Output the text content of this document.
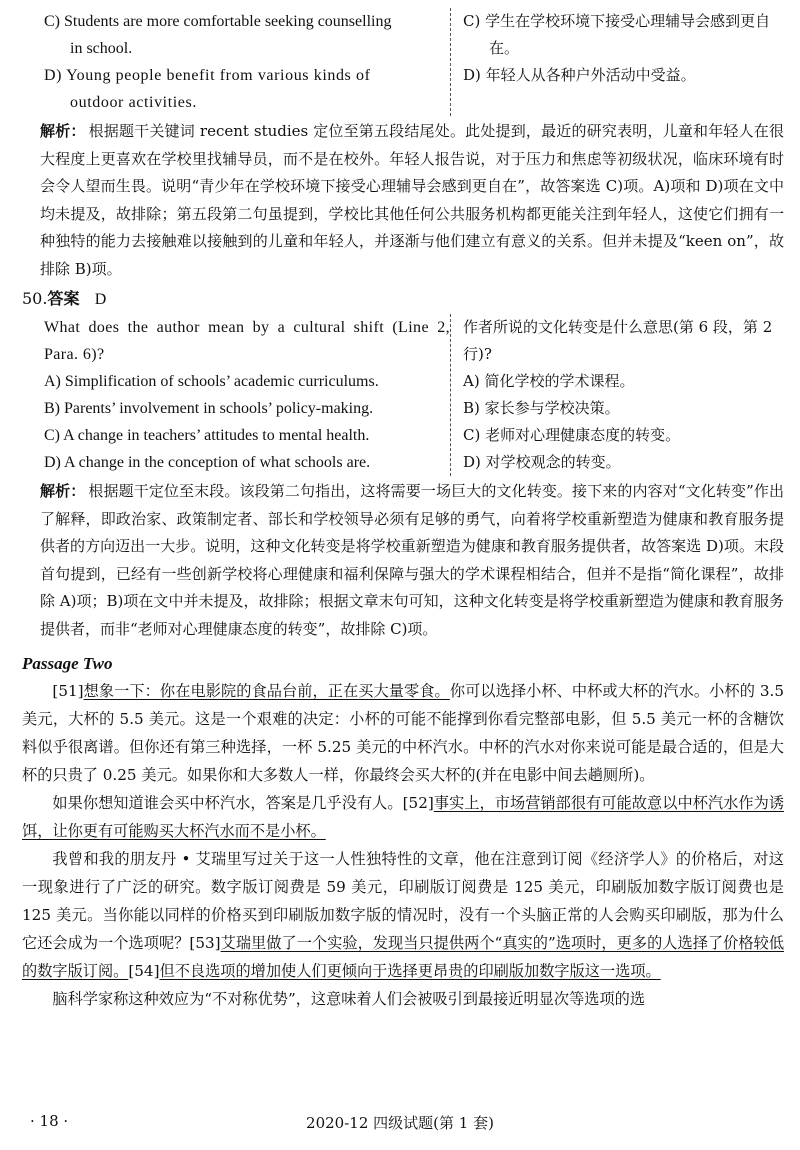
C) Students are more comfortable seeking counselling
in school.
D) Young people benefit from various kinds of
outdoor activities.
C) 学生在学校环境下接受心理辅导会感到更自在。
D) 年轻人从各种户外活动中受益。
解析： 根据题干关键词 recent studies 定位至第五段结尾处。此处提到，最近的研究表明，儿童和年轻人在很大程度上更喜欢在学校里找辅导员，而不是在校外。年轻人报告说，对于压力和焦虑等初级状况，临床环境有时会令人望而生畏。说明“青少年在学校环境下接受心理辅导会感到更自在”，故答案选 C)项。A)项和 D)项在文中均未提及，故排除；第五段第二句虽提到，学校比其他任何公共服务机构都更能关注到年轻人，这使它们拥有一种独特的能力去接触难以接触到的儿童和年轻人，并逐渐与他们建立有意义的关系。但并未提及“keen on”，故排除 B)项。
50.答案 D
What does the author mean by a cultural shift (Line 2, Para. 6)?
A) Simplification of schools’ academic curriculums.
B) Parents’ involvement in schools’ policy-making.
C) A change in teachers’ attitudes to mental health.
D) A change in the conception of what schools are.
作者所说的文化转变是什么意思(第 6 段，第 2 行)?
A) 简化学校的学术课程。
B) 家长参与学校决策。
C) 老师对心理健康态度的转变。
D) 对学校观念的转变。
解析： 根据题干定位至末段。该段第二句指出，这将需要一场巨大的文化转变。接下来的内容对“文化转变”作出了解释，即政治家、政策制定者、部长和学校领导必须有足够的勇气，向着将学校重新塑造为健康和教育服务提供者的方向迈出一大步。说明，这种文化转变是将学校重新塑造为健康和教育服务提供者，故答案选 D)项。末段首句提到，已经有一些创新学校将心理健康和福利保障与强大的学术课程相结合，但并不是指“简化课程”，故排除 A)项；B)项在文中并未提及，故排除；根据文章末句可知，这种文化转变是将学校重新塑造为健康和教育服务提供者，而非“老师对心理健康态度的转变”，故排除 C)项。
Passage Two
[51]想象一下：你在电影院的食品台前，正在买大量零食。你可以选择小杯、中杯或大杯的汽水。小杯的 3.5 美元，大杯的 5.5 美元。这是一个艰难的决定：小杯的可能不能撑到你看完整部电影，但 5.5 美元一杯的含糖饮料似乎很离谱。但你还有第三种选择，一杯 5.25 美元的中杯汽水。中杯的汽水对你来说可能是最合适的，但是大杯的只贵了 0.25 美元。如果你和大多数人一样，你最终会买大杯的(并在电影中间去趟厕所)。
如果你想知道谁会买中杯汽水，答案是几乎没有人。[52]事实上，市场营销部很有可能故意以中杯汽水作为诱饵，让你更有可能购买大杯汽水而不是小杯。
我曾和我的朋友丹 • 艾瑞里写过关于这一人性独特性的文章，他在注意到订阅《经济学人》的价格后，对这一现象进行了广泛的研究。数字版订阅费是 59 美元，印刷版订阅费是 125 美元，印刷版加数字版订阅费也是 125 美元。当你能以同样的价格买到印刷版加数字版的情况时，没有一个头脑正常的人会购买印刷版，那为什么它还会成为一个选项呢？[53]艾瑞里做了一个实验，发现当只提供两个“真实的”选项时，更多的人选择了价格较低的数字版订阅。[54]但不良选项的增加使人们更倾向于选择更昂贵的印刷版加数字版这一选项。
脑科学家称这种效应为“不对称优势”，这意味着人们会被吸引到最接近明显次等选项的选
2020-12 四级试题(第 1 套)
· 18 ·
